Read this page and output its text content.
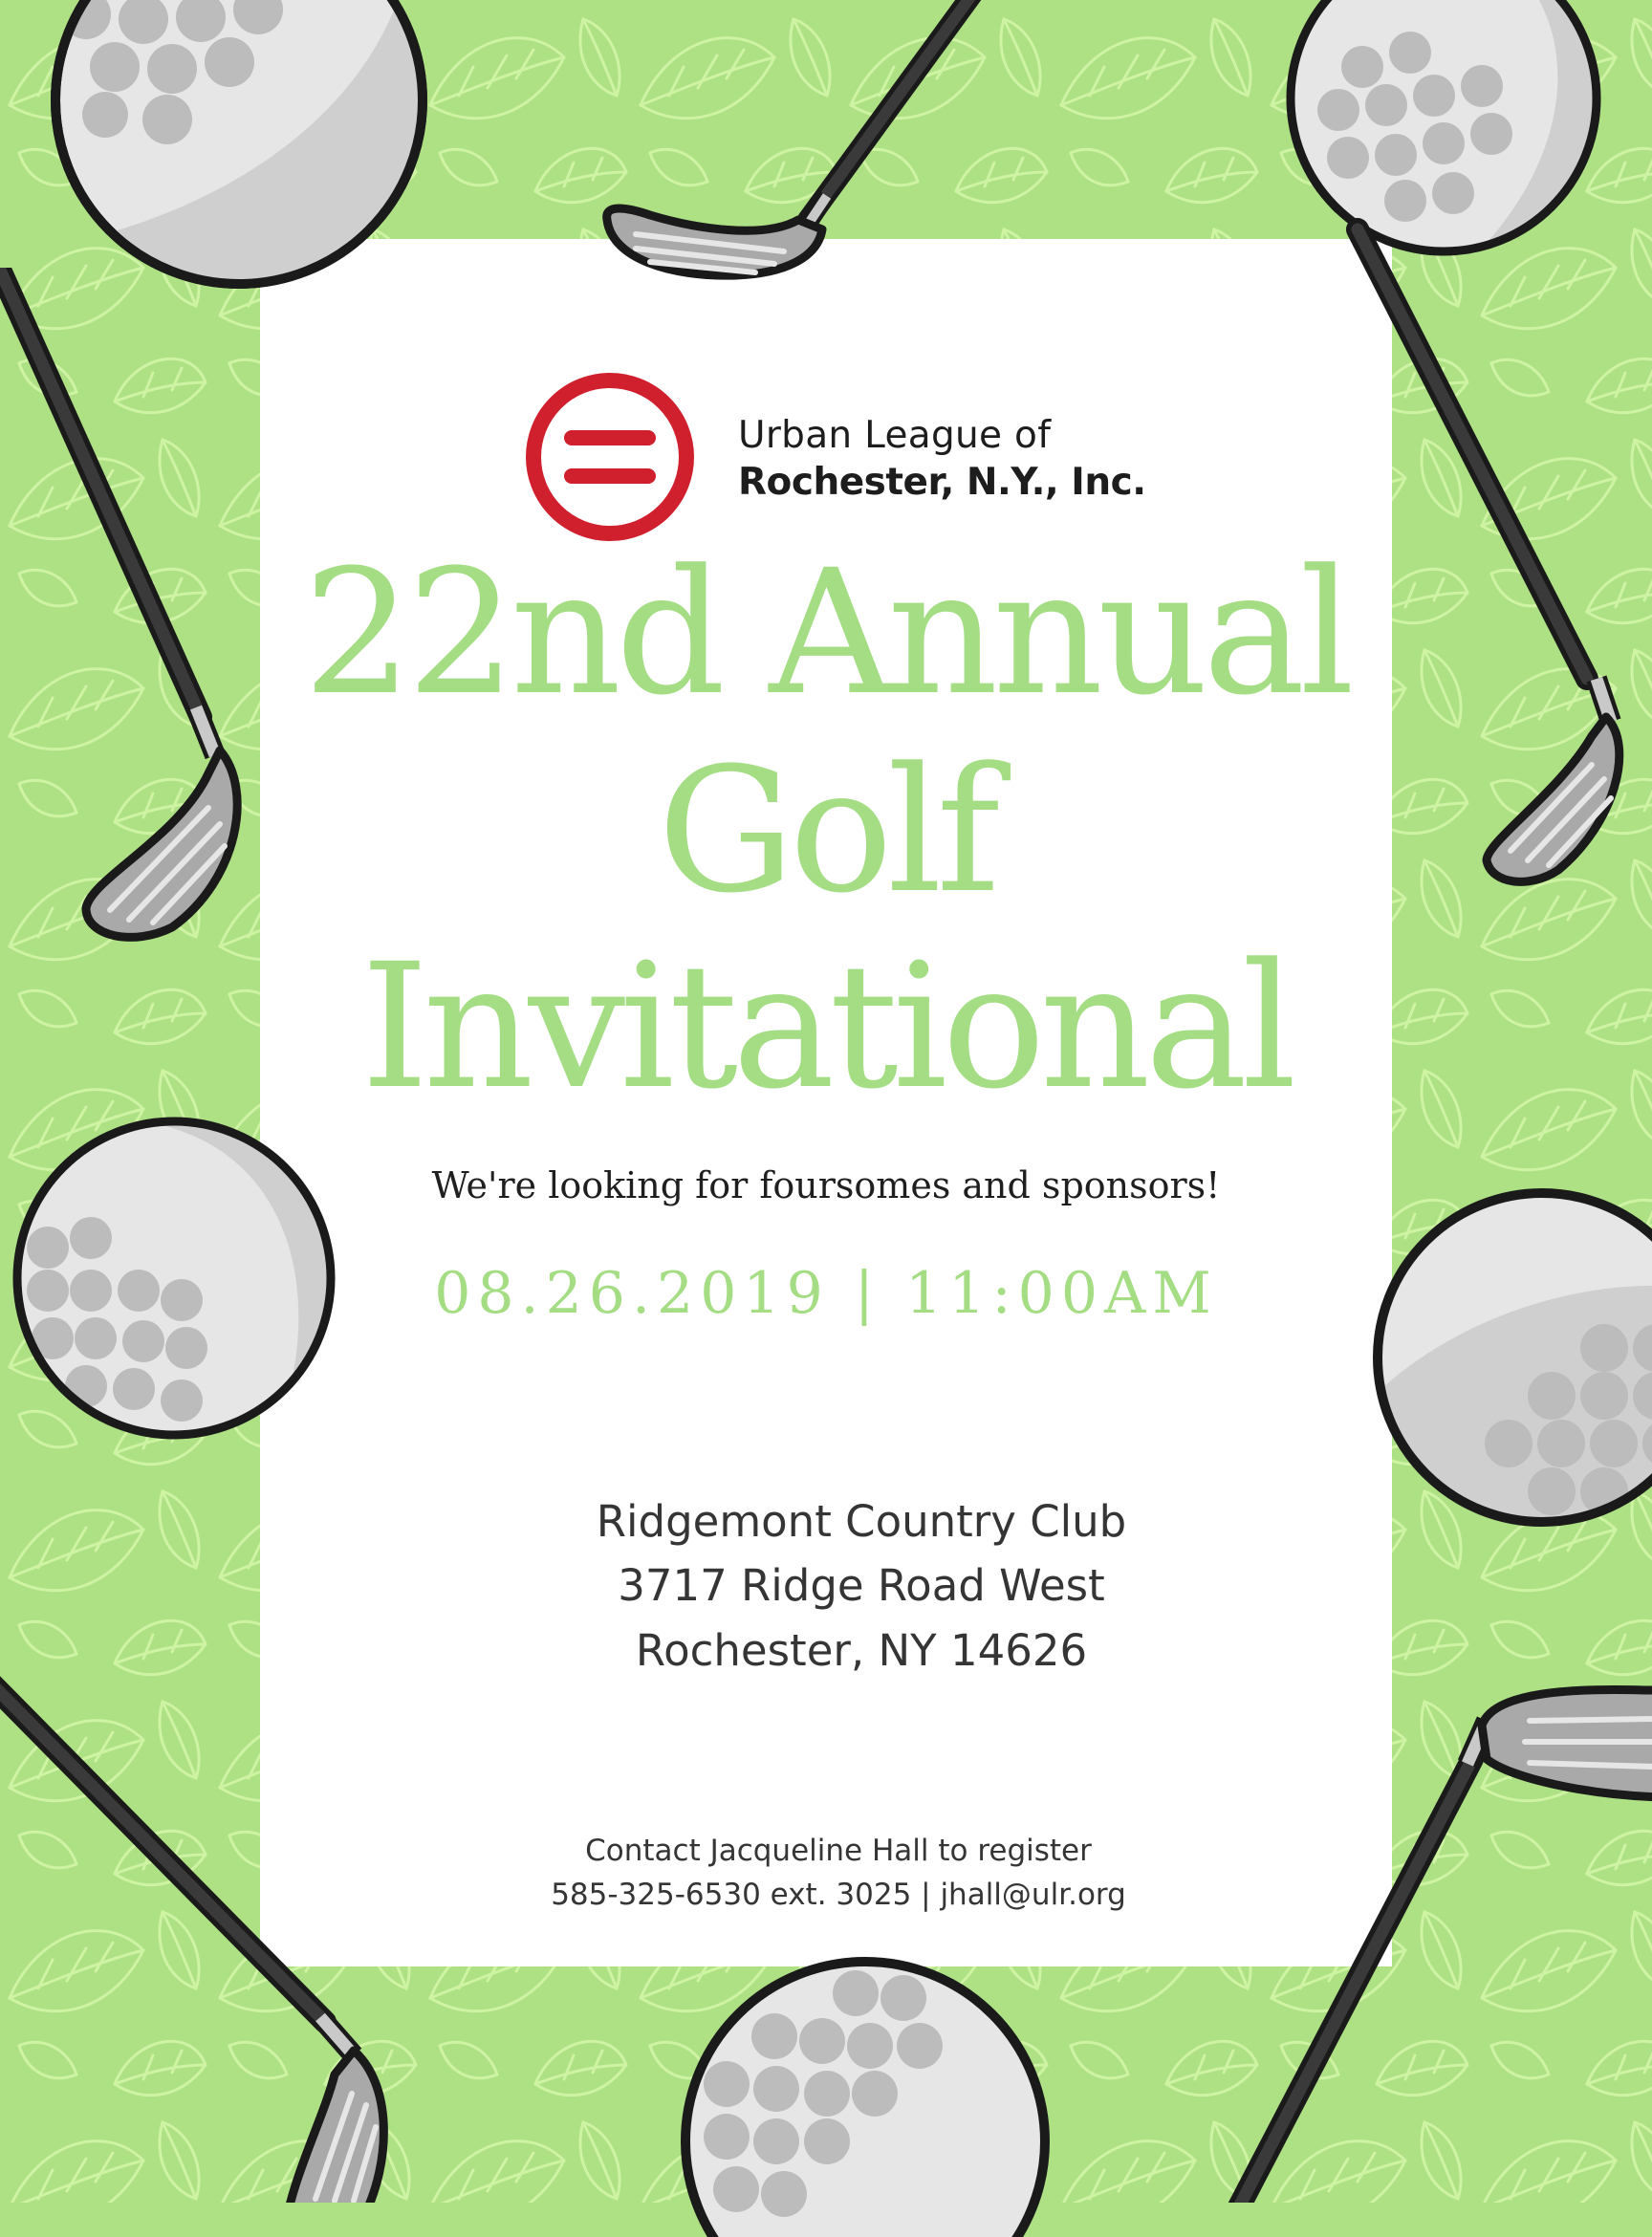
Urban League of
Rochester, N.Y., Inc.
22nd Annual
Golf
Invitational
We're looking for foursomes and sponsors!
08.26.2019 | 11:00AM
Ridgemont Country Club
3717 Ridge Road West
Rochester, NY 14626
Contact Jacqueline Hall to register
585-325-6530 ext. 3025 | jhall@ulr.org
